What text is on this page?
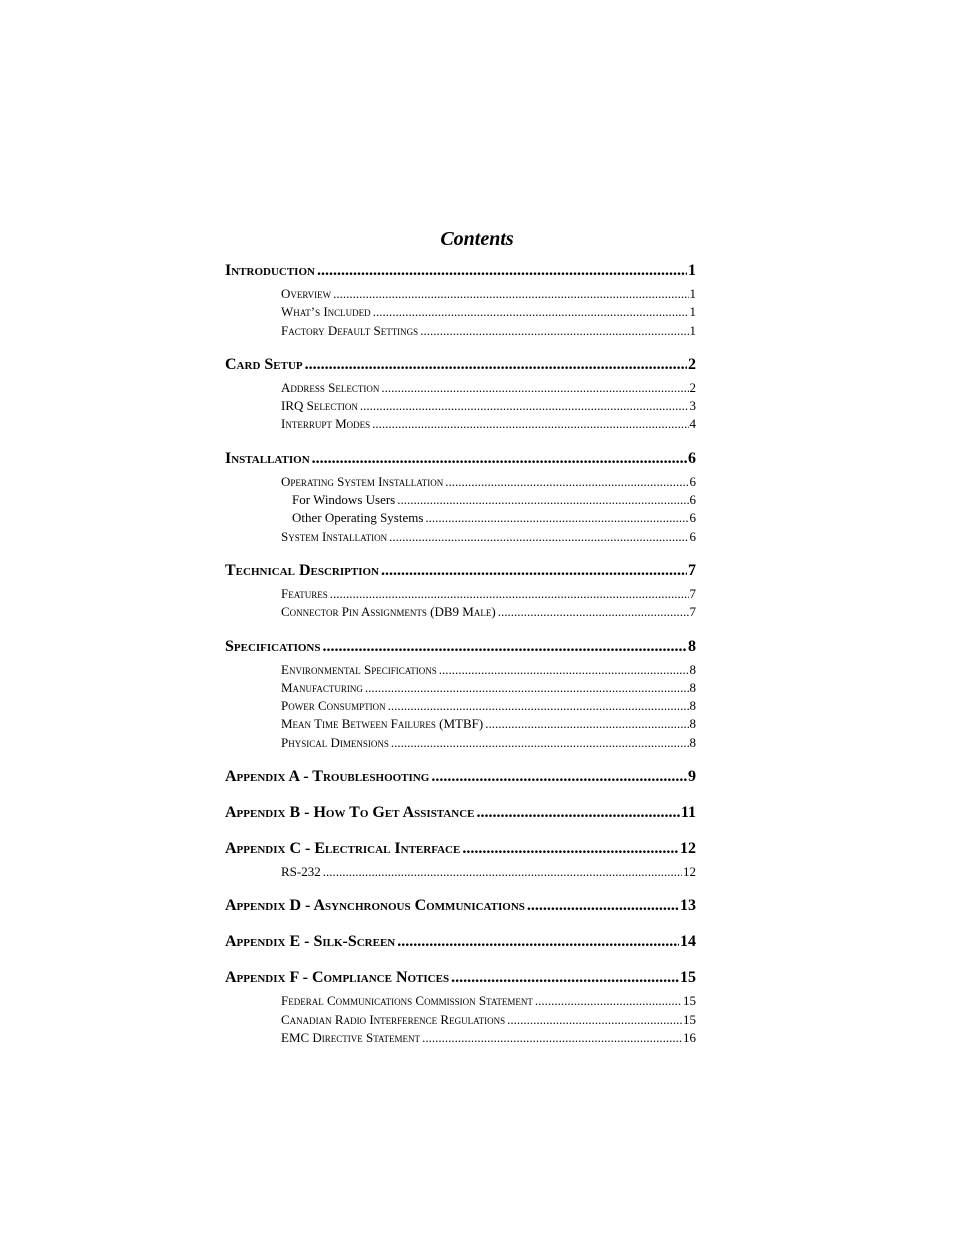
Contents
Introduction .....	1
Overview .....	1
What’s Included .....	1
Factory Default Settings .....	1
Card Setup .....	2
Address Selection .....	2
IRQ Selection .....	3
Interrupt Modes .....	4
Installation .....	6
Operating System Installation .....	6
For Windows Users .....	6
Other Operating Systems .....	6
System Installation .....	6
Technical Description .....	7
Features .....	7
Connector Pin Assignments (DB9 Male) .....	7
Specifications .....	8
Environmental Specifications .....	8
Manufacturing .....	8
Power Consumption .....	8
Mean Time Between Failures (MTBF) .....	8
Physical Dimensions .....	8
Appendix A - Troubleshooting .....	9
Appendix B - How To Get Assistance .....	11
Appendix C - Electrical Interface .....	12
RS-232 .....	12
Appendix D - Asynchronous Communications .....	13
Appendix E - Silk-Screen .....	14
Appendix F - Compliance Notices .....	15
Federal Communications Commission Statement .....	15
Canadian Radio Interference Regulations .....	15
EMC Directive Statement .....	16
